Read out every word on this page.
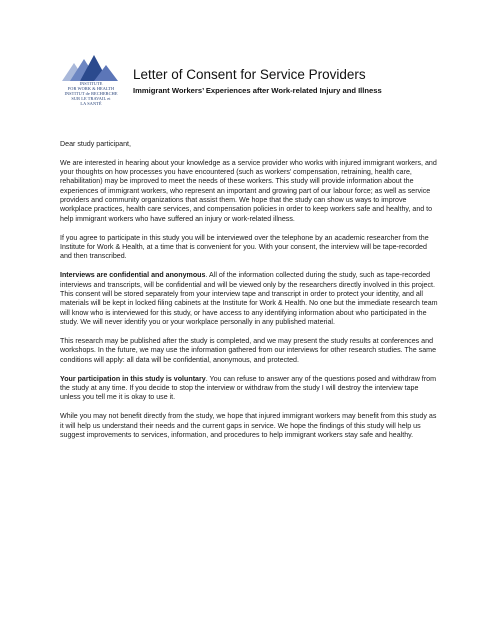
INSTITUTE
FOR WORK & HEALTH
INSTITUT de RECHERCHE
SUR LE TRAVAIL et
LA SANTÉ
Letter of Consent for Service Providers
Immigrant Workers’ Experiences after Work-related Injury and Illness

Dear study participant,

We are interested in hearing about your knowledge as a service provider who works with injured immigrant workers, and your thoughts on how processes you have encountered (such as workers’ compensation, retraining, health care, rehabilitation) may be improved to meet the needs of these workers. This study will provide information about the experiences of immigrant workers, who represent an important and growing part of our labour force; as well as service providers and community organizations that assist them. We hope that the study can show us ways to improve workplace practices, health care services, and compensation policies in order to keep workers safe and healthy, and to help immigrant workers who have suffered an injury or work-related illness.

If you agree to participate in this study you will be interviewed over the telephone by an academic researcher from the Institute for Work & Health, at a time that is convenient for you. With your consent, the interview will be tape-recorded and then transcribed.

Interviews are confidential and anonymous. All of the information collected during the study, such as tape-recorded interviews and transcripts, will be confidential and will be viewed only by the researchers directly involved in this project. This consent will be stored separately from your interview tape and transcript in order to protect your identity, and all materials will be kept in locked filing cabinets at the Institute for Work & Health. No one but the immediate research team will know who is interviewed for this study, or have access to any identifying information about who participated in the study. We will never identify you or your workplace personally in any published material.

This research may be published after the study is completed, and we may present the study results at conferences and workshops. In the future, we may use the information gathered from our interviews for other research studies. The same conditions will apply: all data will be confidential, anonymous, and protected.

Your participation in this study is voluntary. You can refuse to answer any of the questions posed and withdraw from the study at any time. If you decide to stop the interview or withdraw from the study I will destroy the interview tape unless you tell me it is okay to use it.

While you may not benefit directly from the study, we hope that injured immigrant workers may benefit from this study as it will help us understand their needs and the current gaps in service. We hope the findings of this study will help us suggest improvements to services, information, and procedures to help immigrant workers stay safe and healthy.
